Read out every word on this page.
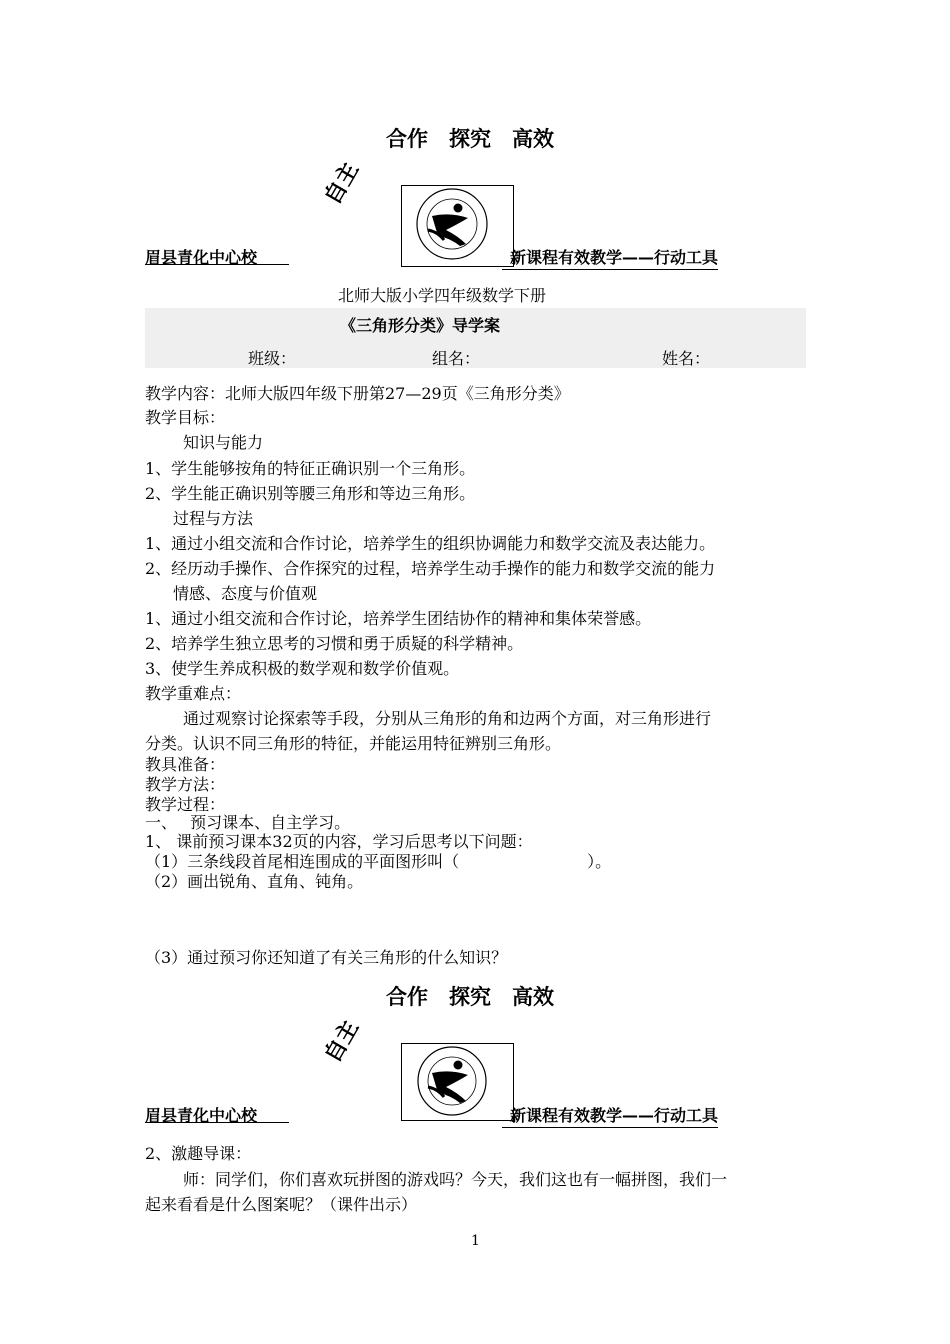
合作　探究　高效
自主
眉县青化中心校  	新课程有效教学——行动工具
北师大版小学四年级数学下册
《三角形分类》导学案
班级：	组名：	姓名：
教学内容：北师大版四年级下册第27—29页《三角形分类》
教学目标：
知识与能力
1、学生能够按角的特征正确识别一个三角形。
2、学生能正确识别等腰三角形和等边三角形。
过程与方法
1、通过小组交流和合作讨论，培养学生的组织协调能力和数学交流及表达能力。
2、经历动手操作、合作探究的过程，培养学生动手操作的能力和数学交流的能力
情感、态度与价值观
1、通过小组交流和合作讨论，培养学生团结协作的精神和集体荣誉感。
2、培养学生独立思考的习惯和勇于质疑的科学精神。
3、使学生养成积极的数学观和数学价值观。
教学重难点：
通过观察讨论探索等手段，分别从三角形的角和边两个方面，对三角形进行
分类。认识不同三角形的特征，并能运用特征辨别三角形。
教具准备：
教学方法：
教学过程：
一、　 预习课本、自主学习。
1、 课前预习课本32页的内容，学习后思考以下问题：
（1）三条线段首尾相连围成的平面图形叫（　　　　　　　　）。
（2）画出锐角、直角、钝角。
（3）通过预习你还知道了有关三角形的什么知识？
合作　探究　高效
自主
眉县青化中心校  	新课程有效教学——行动工具
2、激趣导课：
师：同学们，你们喜欢玩拼图的游戏吗？今天，我们这也有一幅拼图，我们一
起来看看是什么图案呢？（课件出示）
1
